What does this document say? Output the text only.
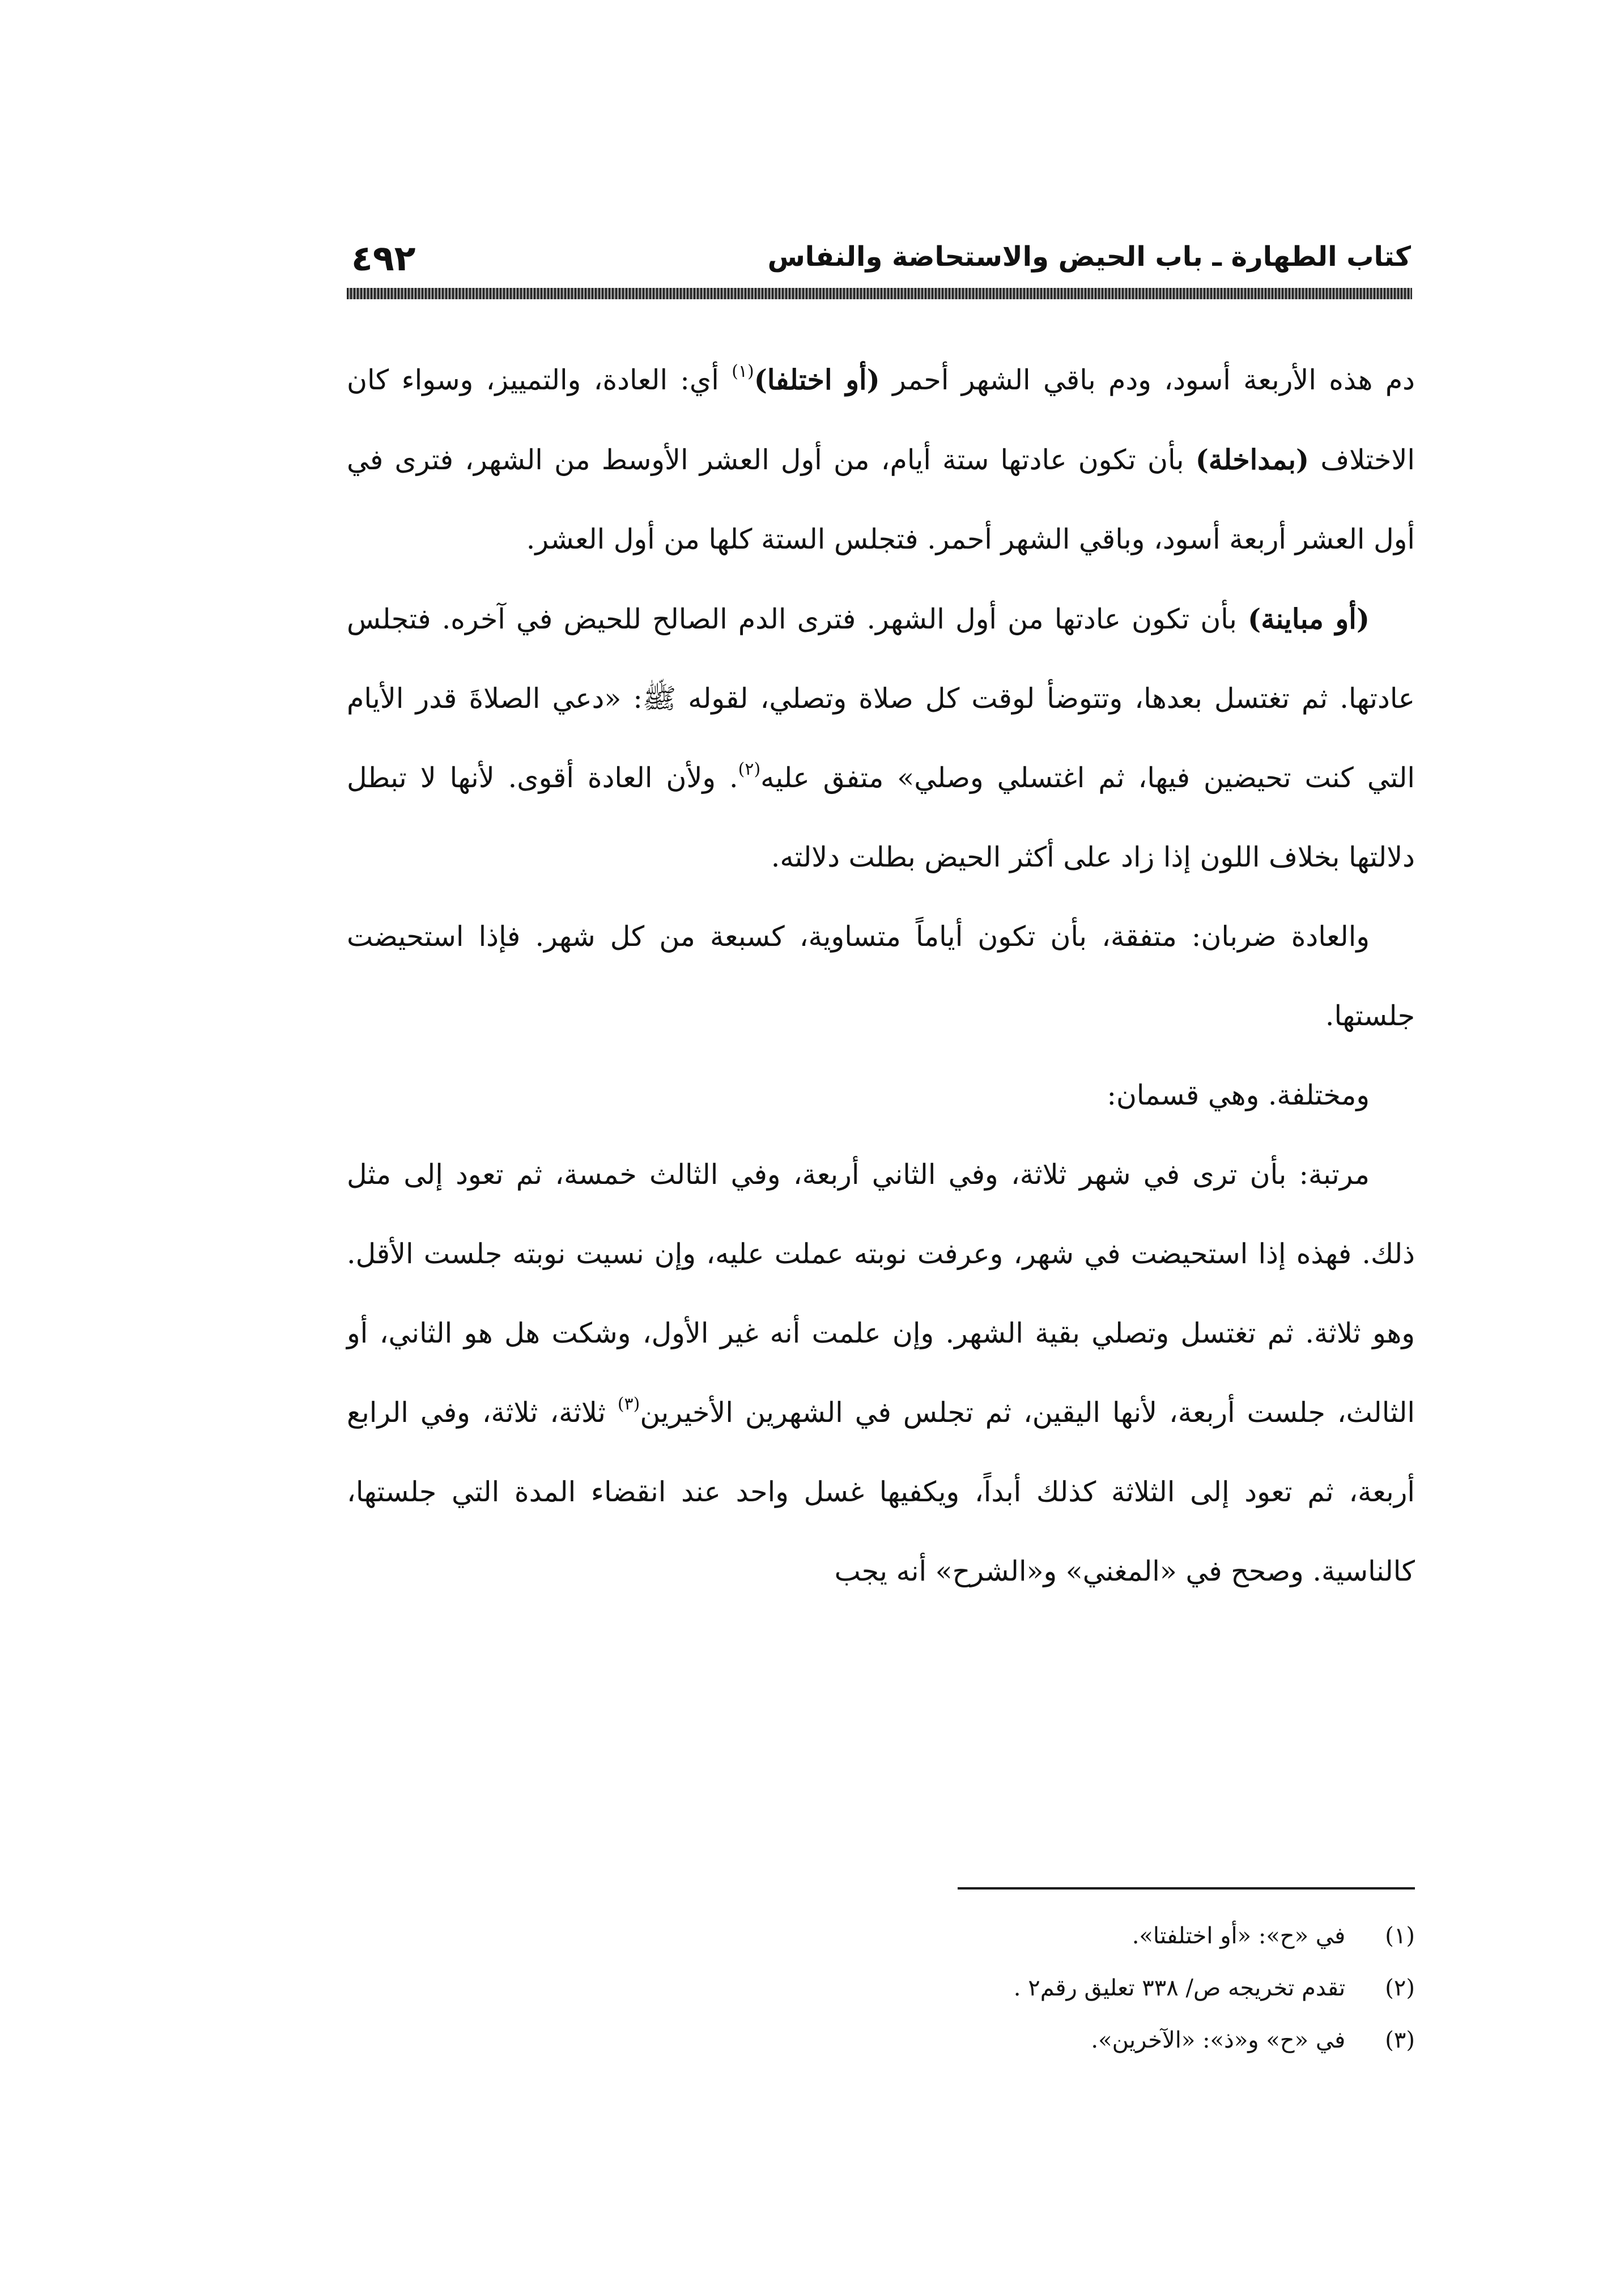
كتاب الطهارة ـ باب الحيض والاستحاضة والنفاس
٤٩٢

دم هذه الأربعة أسود، ودم باقي الشهر أحمر (أو اختلفا)$^{(١)}$ أي: العادة، والتمييز، وسواء كان الاختلاف (بمداخلة) بأن تكون عادتها ستة أيام، من أول العشر الأوسط من الشهر، فترى في أول العشر أربعة أسود، وباقي الشهر أحمر. فتجلس الستة كلها من أول العشر.

(أو مباينة) بأن تكون عادتها من أول الشهر. فترى الدم الصالح للحيض في آخره. فتجلس عادتها. ثم تغتسل بعدها، وتتوضأ لوقت كل صلاة وتصلي، لقوله ﷺ: «دعي الصلاةَ قدر الأيام التي كنت تحيضين فيها، ثم اغتسلي وصلي» متفق عليه$^{(٢)}$. ولأن العادة أقوى. لأنها لا تبطل دلالتها بخلاف اللون إذا زاد على أكثر الحيض بطلت دلالته.

والعادة ضربان: متفقة، بأن تكون أياماً متساوية، كسبعة من كل شهر. فإذا استحيضت جلستها.

ومختلفة. وهي قسمان:

مرتبة: بأن ترى في شهر ثلاثة، وفي الثاني أربعة، وفي الثالث خمسة، ثم تعود إلى مثل ذلك. فهذه إذا استحيضت في شهر، وعرفت نوبته عملت عليه، وإن نسيت نوبته جلست الأقل. وهو ثلاثة. ثم تغتسل وتصلي بقية الشهر. وإن علمت أنه غير الأول، وشكت هل هو الثاني، أو الثالث، جلست أربعة، لأنها اليقين، ثم تجلس في الشهرين الأخيرين$^{(٣)}$ ثلاثة، ثلاثة، وفي الرابع أربعة، ثم تعود إلى الثلاثة كذلك أبداً، ويكفيها غسل واحد عند انقضاء المدة التي جلستها، كالناسية. وصحح في «المغني» و«الشرح» أنه يجب

(١) في «ح»: «أو اختلفتا».
(٢) تقدم تخريجه ص/ ٣٣٨ تعليق رقم٢ .
(٣) في «ح» و«ذ»: «الآخرين».
